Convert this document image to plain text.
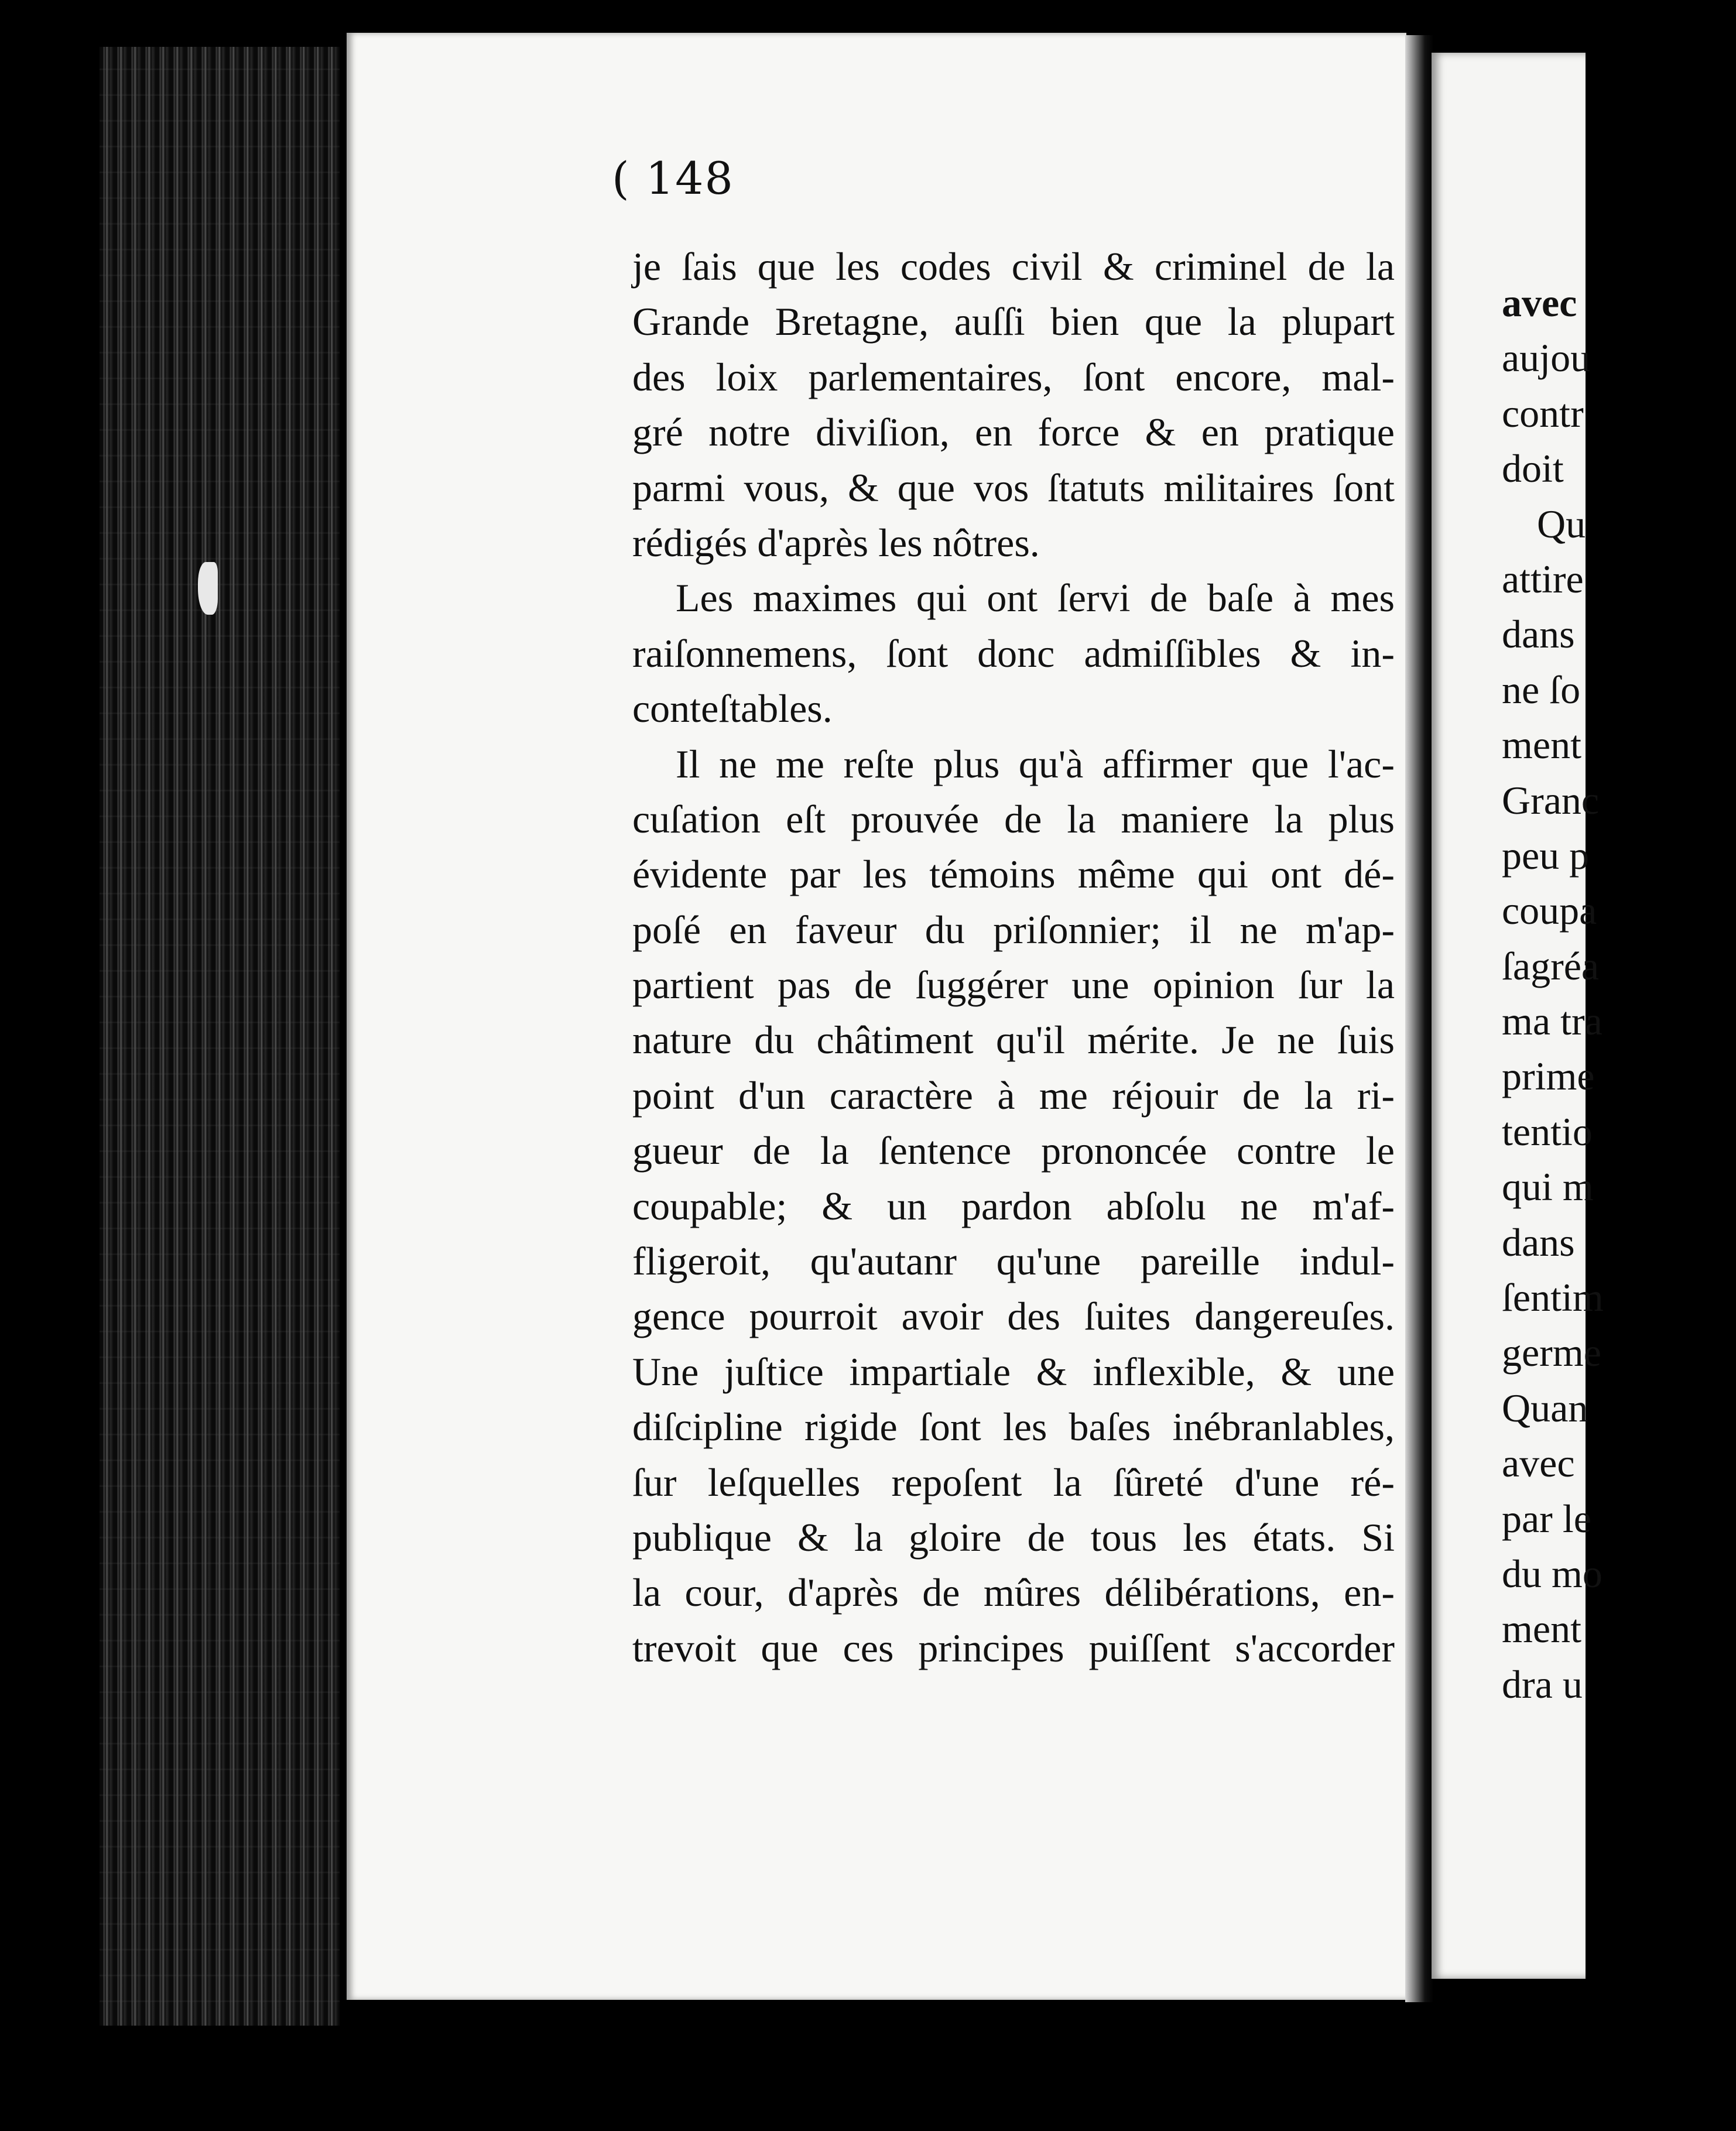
( 148
je ſais que les codes civil & criminel de la
Grande Bretagne, auſſi bien que la plupart
des loix parlementaires, ſont encore, mal-
gré notre diviſion, en force & en pratique
parmi vous, & que vos ſtatuts militaires ſont
rédigés d'après les nôtres.
Les maximes qui ont ſervi de baſe à mes
raiſonnemens, ſont donc admiſſibles & in-
conteſtables.
Il ne me reſte plus qu'à affirmer que l'ac-
cuſation eſt prouvée de la maniere la plus
évidente par les témoins même qui ont dé-
poſé en faveur du priſonnier; il ne m'ap-
partient pas de ſuggérer une opinion ſur la
nature du châtiment qu'il mérite. Je ne ſuis
point d'un caractère à me réjouir de la ri-
gueur de la ſentence prononcée contre le
coupable; & un pardon abſolu ne m'af-
fligeroit, qu'autanr qu'une pareille indul-
gence pourroit avoir des ſuites dangereuſes.
Une juſtice impartiale & inflexible, & une
diſcipline rigide ſont les baſes inébranlables,
ſur leſquelles repoſent la ſûreté d'une ré-
publique & la gloire de tous les états. Si
la cour, d'après de mûres délibérations, en-
trevoit que ces principes puiſſent s'accorder
avec
aujou
contr
doit
Qu
attire
dans
ne ſo
ment
Granc
peu p
coupa
ſagréa
ma tra
prime
tentio
qui m
dans
ſentim
germe
Quan
avec
par le
du mo
ment
dra u
